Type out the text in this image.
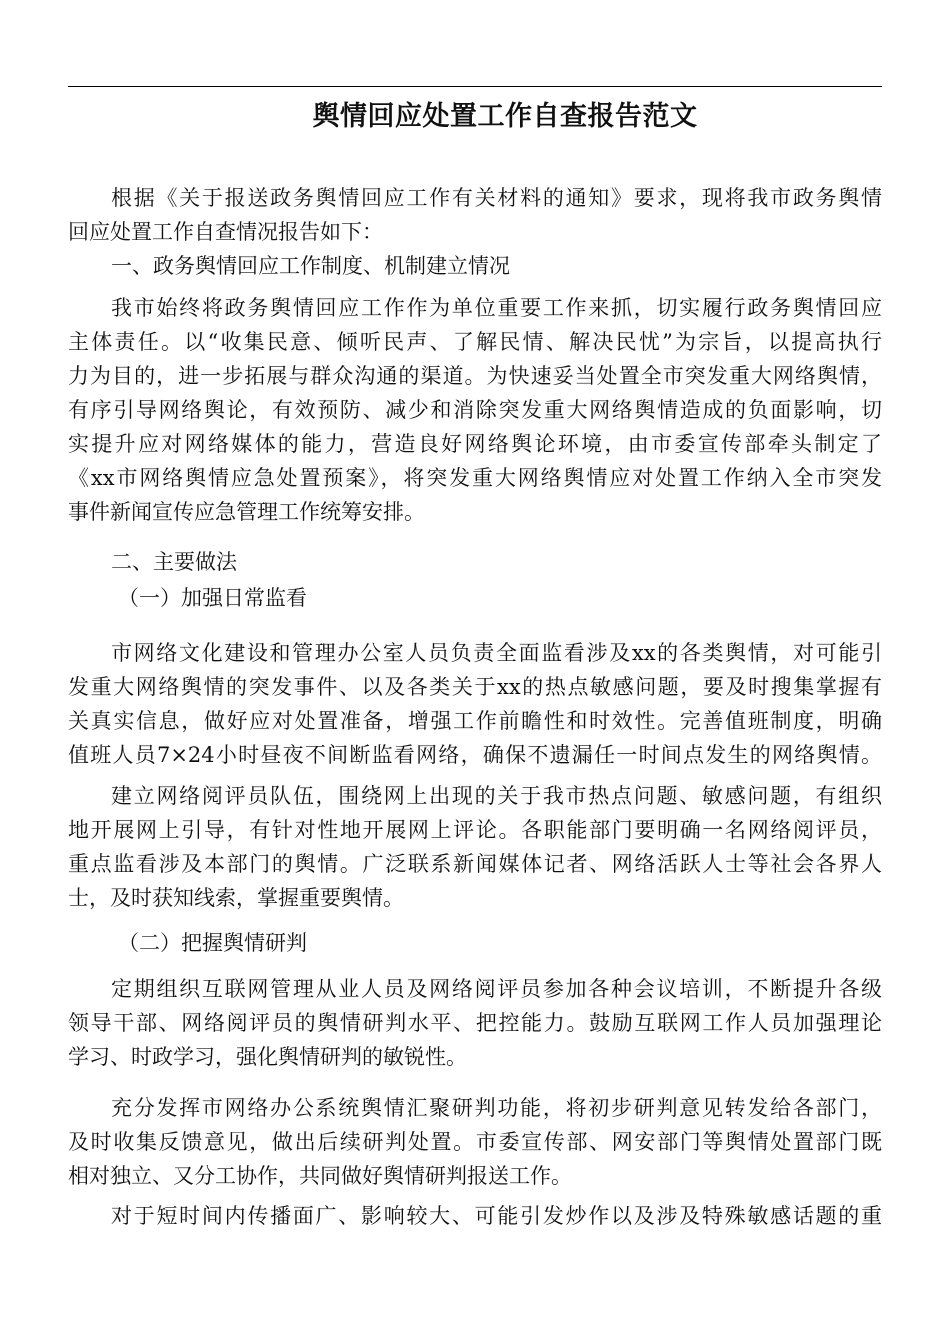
舆情回应处置工作自查报告范文
根据《关于报送政务舆情回应工作有关材料的通知》要求，现将我市政务舆情
回应处置工作自查情况报告如下：
一、政务舆情回应工作制度、机制建立情况
我市始终将政务舆情回应工作作为单位重要工作来抓，切实履行政务舆情回应
主体责任。以“收集民意、倾听民声、了解民情、解决民忧”为宗旨，以提高执行
力为目的，进一步拓展与群众沟通的渠道。为快速妥当处置全市突发重大网络舆情，
有序引导网络舆论，有效预防、减少和消除突发重大网络舆情造成的负面影响，切
实提升应对网络媒体的能力，营造良好网络舆论环境，由市委宣传部牵头制定了
《xx市网络舆情应急处置预案》，将突发重大网络舆情应对处置工作纳入全市突发
事件新闻宣传应急管理工作统筹安排。
二、主要做法
（一）加强日常监看
市网络文化建设和管理办公室人员负责全面监看涉及xx的各类舆情，对可能引
发重大网络舆情的突发事件、以及各类关于xx的热点敏感问题，要及时搜集掌握有
关真实信息，做好应对处置准备，增强工作前瞻性和时效性。完善值班制度，明确
值班人员7×24小时昼夜不间断监看网络，确保不遗漏任一时间点发生的网络舆情。
建立网络阅评员队伍，围绕网上出现的关于我市热点问题、敏感问题，有组织
地开展网上引导，有针对性地开展网上评论。各职能部门要明确一名网络阅评员，
重点监看涉及本部门的舆情。广泛联系新闻媒体记者、网络活跃人士等社会各界人
士，及时获知线索，掌握重要舆情。
（二）把握舆情研判
定期组织互联网管理从业人员及网络阅评员参加各种会议培训，不断提升各级
领导干部、网络阅评员的舆情研判水平、把控能力。鼓励互联网工作人员加强理论
学习、时政学习，强化舆情研判的敏锐性。
充分发挥市网络办公系统舆情汇聚研判功能，将初步研判意见转发给各部门，
及时收集反馈意见，做出后续研判处置。市委宣传部、网安部门等舆情处置部门既
相对独立、又分工协作，共同做好舆情研判报送工作。
对于短时间内传播面广、影响较大、可能引发炒作以及涉及特殊敏感话题的重
